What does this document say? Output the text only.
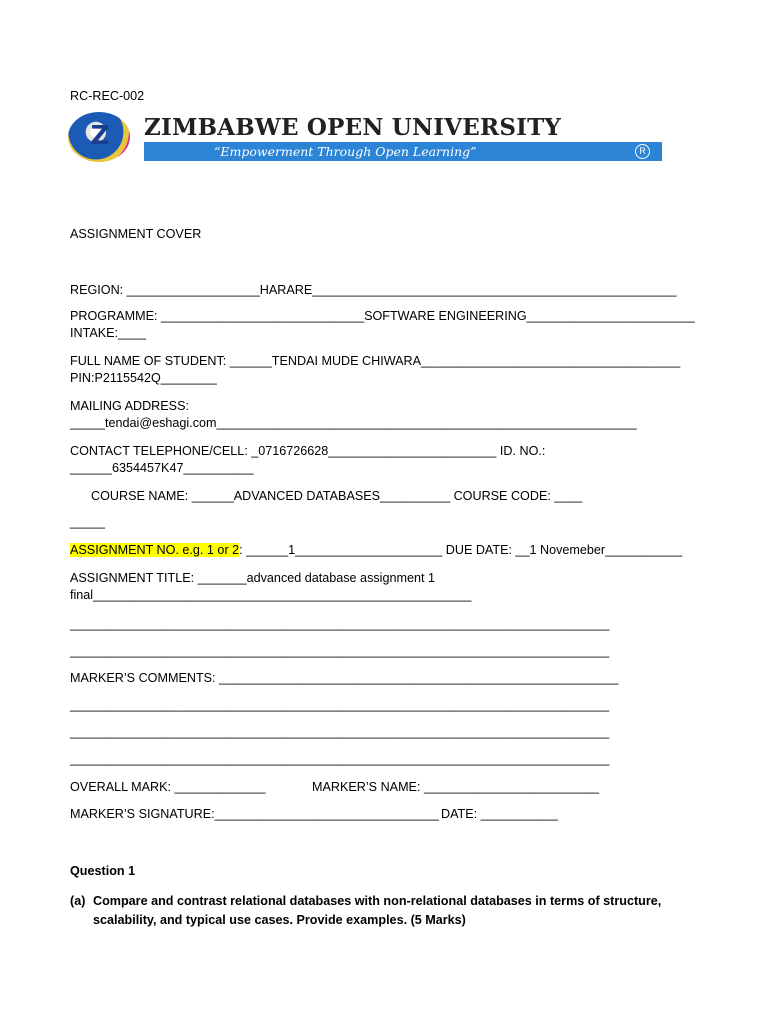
RC-REC-002
Z ZIMBABWE OPEN UNIVERSITY
“Empowerment Through Open Learning”	R
ASSIGNMENT COVER
REGION: ___________________HARARE____________________________________________________
PROGRAMME: _____________________________SOFTWARE ENGINEERING________________________
INTAKE:____
FULL NAME OF STUDENT: ______TENDAI MUDE CHIWARA_____________________________________
PIN:P2115542Q________
MAILING ADDRESS:
_____tendai@eshagi.com____________________________________________________________
CONTACT TELEPHONE/CELL: _0716726628________________________ ID. NO.:
______6354457K47__________
COURSE NAME: ______ADVANCED DATABASES__________ COURSE CODE: ____
_____
ASSIGNMENT NO. e.g. 1 or 2: ______1_____________________ DUE DATE: __1 Novemeber___________
ASSIGNMENT TITLE: _______advanced database assignment 1
final______________________________________________________
_____________________________________________________________________________
_____________________________________________________________________________
MARKER’S COMMENTS: _________________________________________________________
_____________________________________________________________________________
_____________________________________________________________________________
_____________________________________________________________________________
OVERALL MARK: _____________	MARKER’S NAME: _________________________
MARKER’S SIGNATURE:________________________________ DATE: ___________
Question 1
(a) Compare and contrast relational databases with non-relational databases in terms of structure, scalability, and typical use cases. Provide examples. (5 Marks)
